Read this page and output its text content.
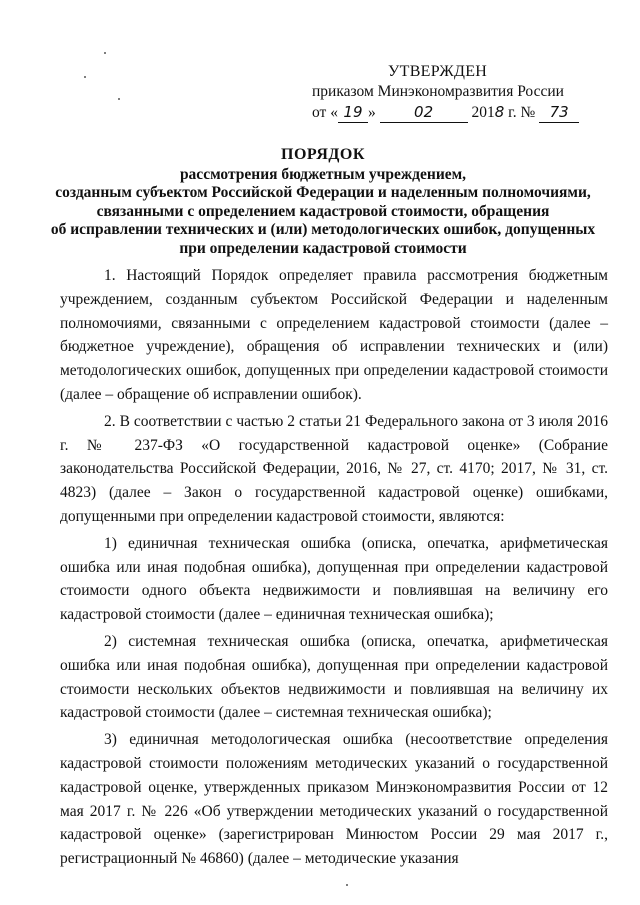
УТВЕРЖДЕН
приказом Минэкономразвития России
от « 19 »	02 2018 г. № 73
ПОРЯДОК
рассмотрения бюджетным учреждением,
созданным субъектом Российской Федерации и наделенным полномочиями,
связанными с определением кадастровой стоимости, обращения
об исправлении технических и (или) методологических ошибок, допущенных
при определении кадастровой стоимости

1. Настоящий Порядок определяет правила рассмотрения бюджетным учреждением, созданным субъектом Российской Федерации и наделенным полномочиями, связанными с определением кадастровой стоимости (далее – бюджетное учреждение), обращения об исправлении технических и (или) методологических ошибок, допущенных при определении кадастровой стоимости (далее – обращение об исправлении ошибок).

2. В соответствии с частью 2 статьи 21 Федерального закона от 3 июля 2016 г. № 237-ФЗ «О государственной кадастровой оценке» (Собрание законодательства Российской Федерации, 2016, № 27, ст. 4170; 2017, № 31, ст. 4823) (далее – Закон о государственной кадастровой оценке) ошибками, допущенными при определении кадастровой стоимости, являются:

1) единичная техническая ошибка (описка, опечатка, арифметическая ошибка или иная подобная ошибка), допущенная при определении кадастровой стоимости одного объекта недвижимости и повлиявшая на величину его кадастровой стоимости (далее – единичная техническая ошибка);

2) системная техническая ошибка (описка, опечатка, арифметическая ошибка или иная подобная ошибка), допущенная при определении кадастровой стоимости нескольких объектов недвижимости и повлиявшая на величину их кадастровой стоимости (далее – системная техническая ошибка);

3) единичная методологическая ошибка (несоответствие определения кадастровой стоимости положениям методических указаний о государственной кадастровой оценке, утвержденных приказом Минэкономразвития России от 12 мая 2017 г. № 226 «Об утверждении методических указаний о государственной кадастровой оценке» (зарегистрирован Минюстом России 29 мая 2017 г., регистрационный № 46860) (далее – методические указания
